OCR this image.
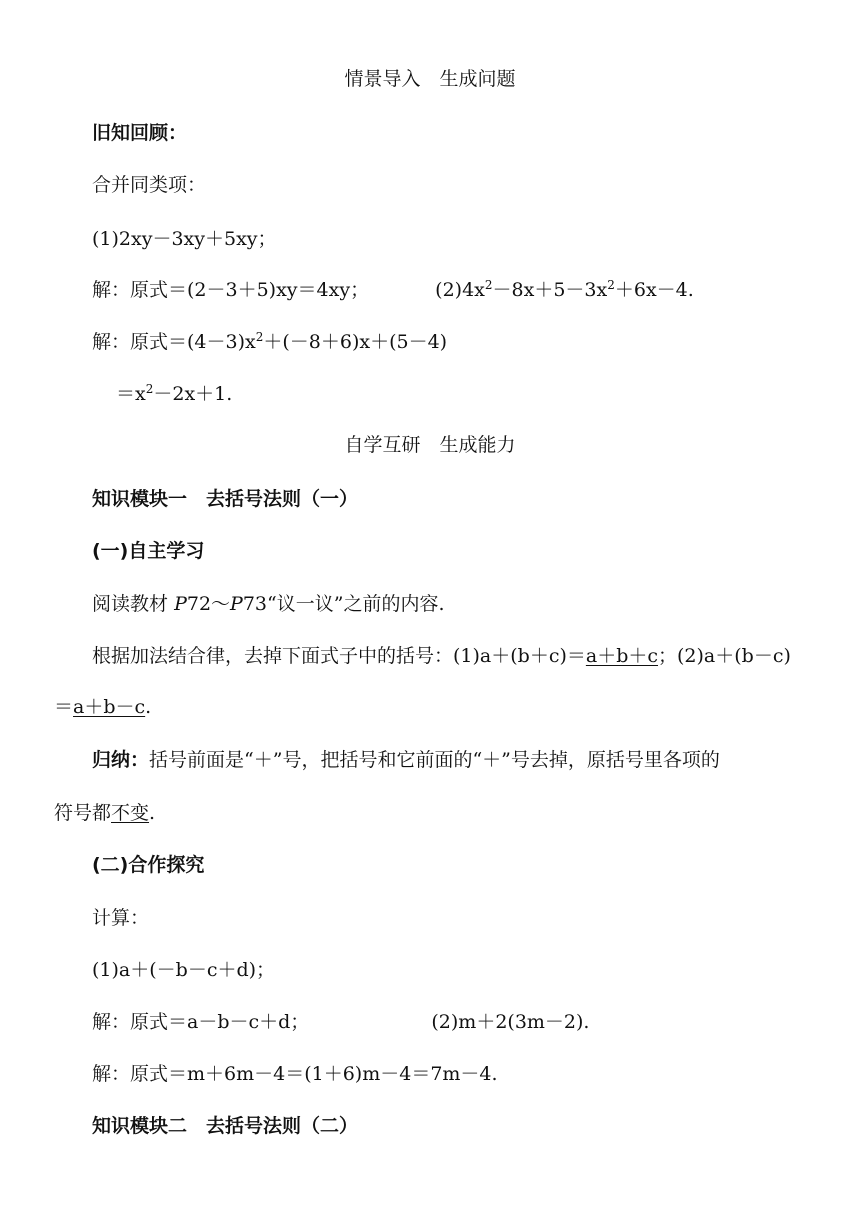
情景导入　生成问题
旧知回顾：
合并同类项：
(1)2xy－3xy＋5xy；
解：原式＝(2－3＋5)xy＝4xy；	$(2)4x^2-8x+5-3x^2+6x-4$.
解：原式$=(4-3)x^2+(-8+6)x+(5-4)$
$=x^2-2x+1$.
自学互研　生成能力
知识模块一　去括号法则（一）
(一)自主学习
阅读教材 P72～P73“议一议”之前的内容.
根据加法结合律，去掉下面式子中的括号：(1)a＋(b＋c)＝a＋b＋c；(2)a＋(b－c)
＝a＋b－c.
归纳：括号前面是“＋”号，把括号和它前面的“＋”号去掉，原括号里各项的
符号都不变.
(二)合作探究
计算：
(1)a＋(－b－c＋d)；
解：原式＝a－b－c＋d；	(2)m＋2(3m－2).
解：原式＝m＋6m－4＝(1＋6)m－4＝7m－4.
知识模块二　去括号法则（二）
